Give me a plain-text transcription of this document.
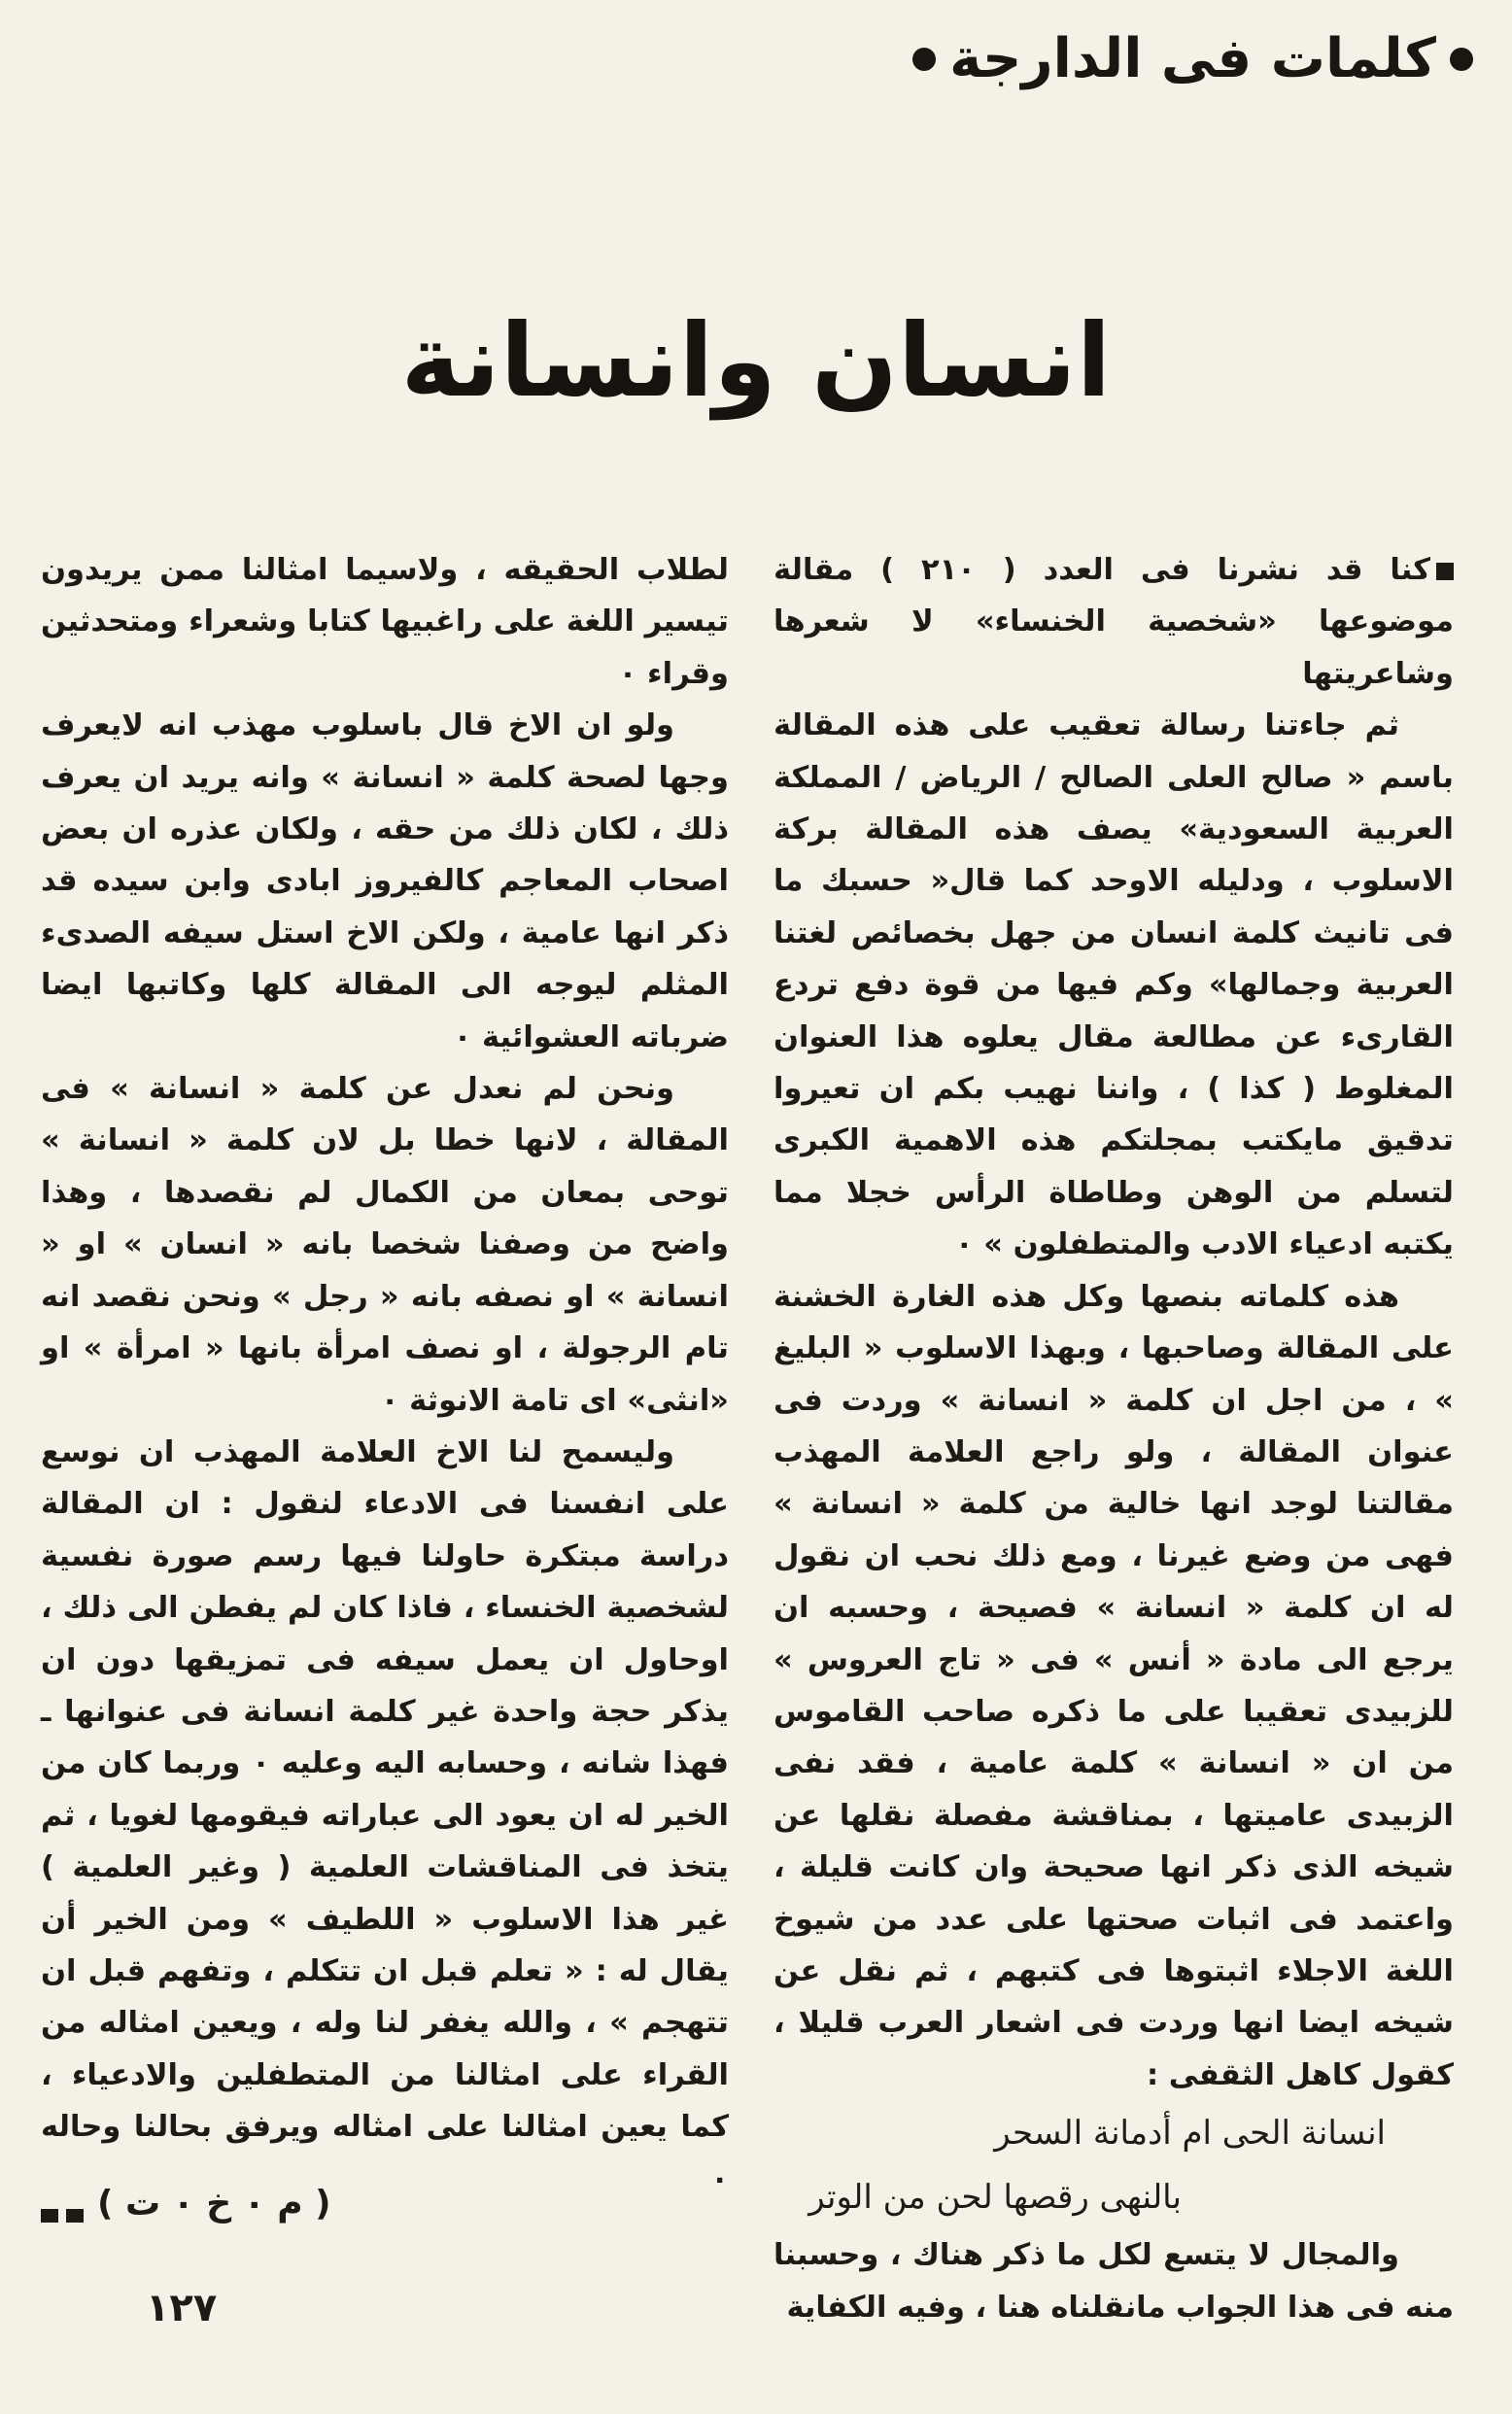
كلمات فى الدارجة
انسان وانسانة

كنا قد نشرنا فى العدد ( ٢١٠ ) مقالة موضوعها «شخصية الخنساء» لا شعرها وشاعريتها

ثم جاءتنا رسالة تعقيب على هذه المقالة باسم « صالح العلى الصالح / الرياض / المملكة العربية السعودية» يصف هذه المقالة بركة الاسلوب ، ودليله الاوحد كما قال« حسبك ما فى تانيث كلمة انسان من جهل بخصائص لغتنا العربية وجمالها» وكم فيها من قوة دفع تردع القارىء عن مطالعة مقال يعلوه هذا العنوان المغلوط ( كذا ) ، واننا نهيب بكم ان تعيروا تدقيق مايكتب بمجلتكم هذه الاهمية الكبرى لتسلم من الوهن وطاطاة الرأس خجلا مما يكتبه ادعياء الادب والمتطفلون » ٠

هذه كلماته بنصها وكل هذه الغارة الخشنة على المقالة وصاحبها ، وبهذا الاسلوب « البليغ » ، من اجل ان كلمة « انسانة » وردت فى عنوان المقالة ، ولو راجع العلامة المهذب مقالتنا لوجد انها خالية من كلمة « انسانة » فهى من وضع غيرنا ، ومع ذلك نحب ان نقول له ان كلمة « انسانة » فصيحة ، وحسبه ان يرجع الى مادة « أنس » فى « تاج العروس » للزبيدى تعقيبا على ما ذكره صاحب القاموس من ان « انسانة » كلمة عامية ، فقد نفى الزبيدى عاميتها ، بمناقشة مفصلة نقلها عن شيخه الذى ذكر انها صحيحة وان كانت قليلة ، واعتمد فى اثبات صحتها على عدد من شيوخ اللغة الاجلاء اثبتوها فى كتبهم ، ثم نقل عن شيخه ايضا انها وردت فى اشعار العرب قليلا ، كقول كاهل الثقفى :

انسانة الحى ام أدمانة السحر
بالنهى رقصها لحن من الوتر

والمجال لا يتسع لكل ما ذكر هناك ، وحسبنا منه فى هذا الجواب مانقلناه هنا ، وفيه الكفاية

لطلاب الحقيقه ، ولاسيما امثالنا ممن يريدون تيسير اللغة على راغبيها كتابا وشعراء ومتحدثين وقراء ٠

ولو ان الاخ قال باسلوب مهذب انه لايعرف وجها لصحة كلمة « انسانة » وانه يريد ان يعرف ذلك ، لكان ذلك من حقه ، ولكان عذره ان بعض اصحاب المعاجم كالفيروز ابادى وابن سيده قد ذكر انها عامية ، ولكن الاخ استل سيفه الصدىء المثلم ليوجه الى المقالة كلها وكاتبها ايضا ضرباته العشوائية ٠

ونحن لم نعدل عن كلمة « انسانة » فى المقالة ، لانها خطا بل لان كلمة « انسانة » توحى بمعان من الكمال لم نقصدها ، وهذا واضح من وصفنا شخصا بانه « انسان » او « انسانة » او نصفه بانه « رجل » ونحن نقصد انه تام الرجولة ، او نصف امرأة بانها « امرأة » او «انثى» اى تامة الانوثة ٠

وليسمح لنا الاخ العلامة المهذب ان نوسع على انفسنا فى الادعاء لنقول : ان المقالة دراسة مبتكرة حاولنا فيها رسم صورة نفسية لشخصية الخنساء ، فاذا كان لم يفطن الى ذلك ، اوحاول ان يعمل سيفه فى تمزيقها دون ان يذكر حجة واحدة غير كلمة انسانة فى عنوانها ـ فهذا شانه ، وحسابه اليه وعليه ٠ وربما كان من الخير له ان يعود الى عباراته فيقومها لغويا ، ثم يتخذ فى المناقشات العلمية ( وغير العلمية ) غير هذا الاسلوب « اللطيف » ومن الخير أن يقال له : « تعلم قبل ان تتكلم ، وتفهم قبل ان تتهجم » ، والله يغفر لنا وله ، ويعين امثاله من القراء على امثالنا من المتطفلين والادعياء ، كما يعين امثالنا على امثاله ويرفق بحالنا وحاله ٠

( م ٠ خ ٠ ت )
١٢٧
